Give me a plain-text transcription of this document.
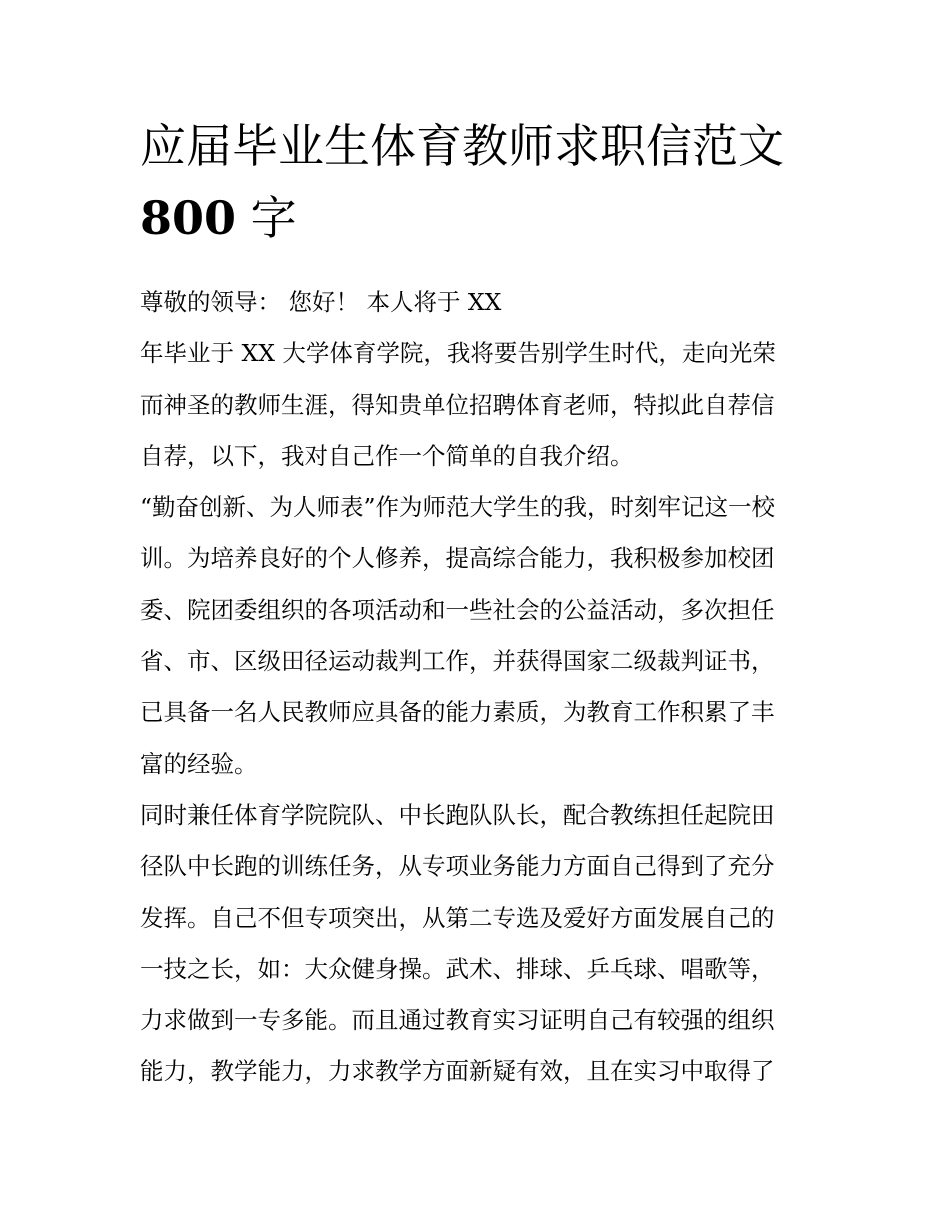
应届毕业生体育教师求职信范文
800 字
尊敬的领导： 您好！ 本人将于 XX
年毕业于 XX 大学体育学院，我将要告别学生时代，走向光荣
而神圣的教师生涯，得知贵单位招聘体育老师，特拟此自荐信
自荐，以下，我对自己作一个简单的自我介绍。
“勤奋创新、为人师表”作为师范大学生的我，时刻牢记这一校
训。为培养良好的个人修养，提高综合能力，我积极参加校团
委、院团委组织的各项活动和一些社会的公益活动，多次担任
省、市、区级田径运动裁判工作，并获得国家二级裁判证书，
已具备一名人民教师应具备的能力素质，为教育工作积累了丰
富的经验。
同时兼任体育学院院队、中长跑队队长，配合教练担任起院田
径队中长跑的训练任务，从专项业务能力方面自己得到了充分
发挥。自己不但专项突出，从第二专选及爱好方面发展自己的
一技之长，如：大众健身操。武术、排球、乒乓球、唱歌等，
力求做到一专多能。而且通过教育实习证明自己有较强的组织
能力，教学能力，力求教学方面新疑有效，且在实习中取得了
